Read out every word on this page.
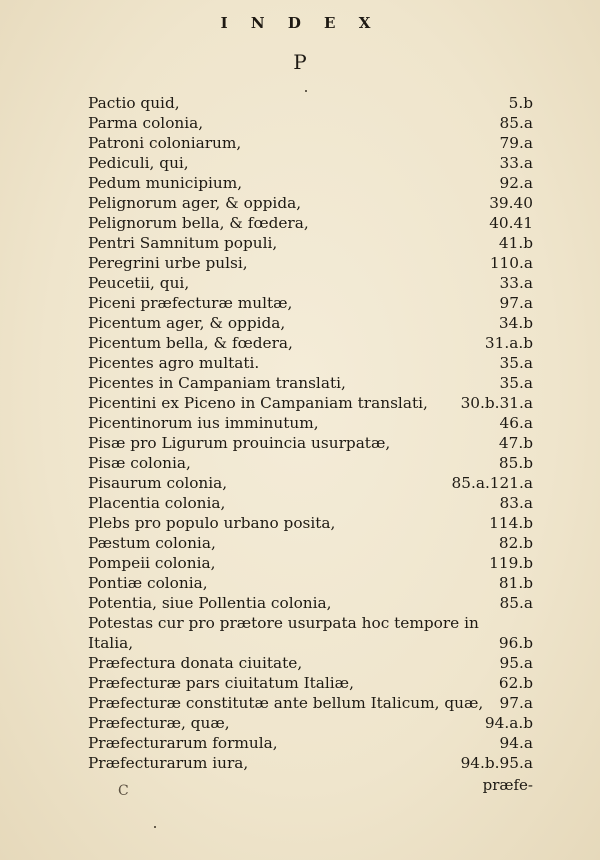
I N D E X
P
Pactio quid,	5.b
Parma colonia,	85.a
Patroni coloniarum,	79.a
Pediculi, qui,	33.a
Pedum municipium,	92.a
Pelignorum ager, & oppida,	39.40
Pelignorum bella, & fœdera,	40.41
Pentri Samnitum populi,	41.b
Peregrini urbe pulsi,	110.a
Peucetii, qui,	33.a
Piceni præfecturæ multæ,	97.a
Picentum ager, & oppida,	34.b
Picentum bella, & fœdera,	31.a.b
Picentes agro multati.	35.a
Picentes in Campaniam translati,	35.a
Picentini ex Piceno in Campaniam translati,	30.b.31.a
Picentinorum ius imminutum,	46.a
Pisæ pro Ligurum prouincia usurpatæ,	47.b
Pisæ colonia,	85.b
Pisaurum colonia,	85.a.121.a
Placentia colonia,	83.a
Plebs pro populo urbano posita,	114.b
Pæstum colonia,	82.b
Pompeii colonia,	119.b
Pontiæ colonia,	81.b
Potentia, siue Pollentia colonia,	85.a
Potestas cur pro prætore usurpata hoc tempore in
Italia,	96.b
Præfectura donata ciuitate,	95.a
Præfecturæ pars ciuitatum Italiæ,	62.b
Præfecturæ constitutæ ante bellum Italicum, quæ,	97.a
Præfecturæ, quæ,	94.a.b
Præfecturarum formula,	94.a
Præfecturarum iura,	94.b.95.a
C	præfe-
